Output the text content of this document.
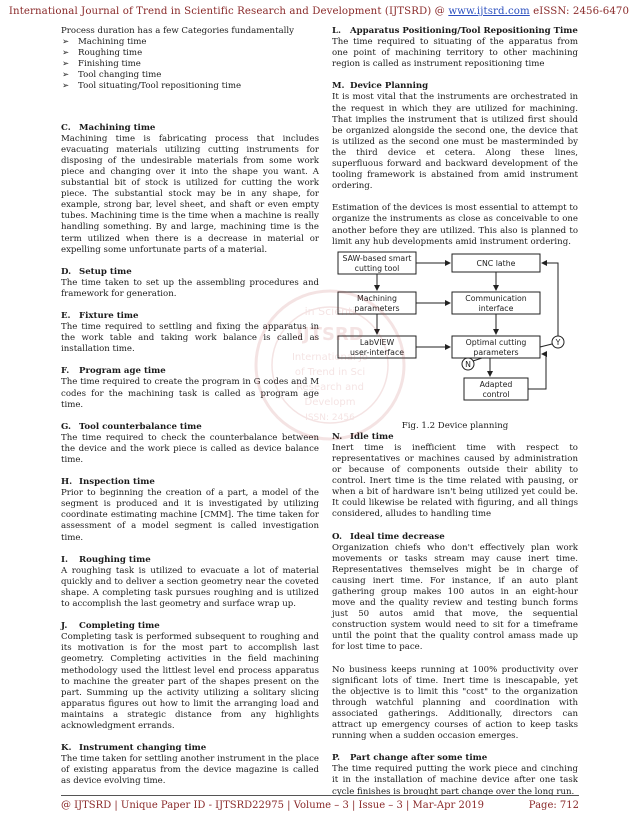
International Journal of Trend in Scientific Research and Development (IJTSRD) @ www.ijtsrd.com eISSN: 2456-6470

Process duration has a few Categories fundamentally

➢ Machining time
➢ Roughing time
➢ Finishing time
➢ Tool changing time
➢ Tool situating/Tool repositioning time
C. Machining time

Machining time is fabricating process that includes evacuating materials utilizing cutting instruments for disposing of the undesirable materials from some work piece and changing over it into the shape you want. A substantial bit of stock is utilized for cutting the work piece. The substantial stock may be in any shape, for example, strong bar, level sheet, and shaft or even empty tubes. Machining time is the time when a machine is really handling something. By and large, machining time is the term utilized when there is a decrease in material or expelling some unfortunate parts of a material.

D. Setup time

The time taken to set up the assembling procedures and framework for generation.

E. Fixture time

The time required to settling and fixing the apparatus in the work table and taking work balance is called as installation time.

F. Program age time

The time required to create the program in G codes and M codes for the machining task is called as program age time.

G. Tool counterbalance time

The time required to check the counterbalance between the device and the work piece is called as device balance time.

H. Inspection time

Prior to beginning the creation of a part, a model of the segment is produced and it is investigated by utilizing coordinate estimating machine [CMM]. The time taken for assessment of a model segment is called investigation time.

I. Roughing time

A roughing task is utilized to evacuate a lot of material quickly and to deliver a section geometry near the coveted shape. A completing task pursues roughing and is utilized to accomplish the last geometry and surface wrap up.

J. Completing time

Completing task is performed subsequent to roughing and its motivation is for the most part to accomplish last geometry. Completing activities in the field machining methodology used the littlest level end process apparatus to machine the greater part of the shapes present on the part. Summing up the activity utilizing a solitary slicing apparatus figures out how to limit the arranging load and maintains a strategic distance from any highlights acknowledgment errands.

K. Instrument changing time

The time taken for settling another instrument in the place of existing apparatus from the device magazine is called as device evolving time.

L. Apparatus Positioning/Tool Repositioning Time

The time required to situating of the apparatus from one point of machining territory to other machining region is called as instrument repositioning time

M. Device Planning

It is most vital that the instruments are orchestrated in the request in which they are utilized for machining. That implies the instrument that is utilized first should be organized alongside the second one, the device that is utilized as the second one must be masterminded by the third device et cetera. Along these lines, superfluous forward and backward development of the tooling framework is abstained from amid instrument ordering.

Estimation of the devices is most essential to attempt to organize the instruments as close as conceivable to one another before they are utilized. This also is planned to limit any hub developments amid instrument ordering.

SAW-based smart
cutting tool
CNC lathe
Machining
parameters
Communication
interface
LabVIEW
user-interface
Optimal cutting
parameters
Adapted
control
Y
N
Fig. 1.2 Device planning
N. Idle time

Inert time is inefficient time with respect to representatives or machines caused by administration or because of components outside their ability to control. Inert time is the time related with pausing, or when a bit of hardware isn't being utilized yet could be. It could likewise be related with figuring, and all things considered, alludes to handling time

O. Ideal time decrease

Organization chiefs who don't effectively plan work movements or tasks stream may cause inert time. Representatives themselves might be in charge of causing inert time. For instance, if an auto plant gathering group makes 100 autos in an eight-hour move and the quality review and testing bunch forms just 50 autos amid that move, the sequential construction system would need to sit for a timeframe until the point that the quality control amass made up for lost time to pace.

No business keeps running at 100% productivity over significant lots of time. Inert time is inescapable, yet the objective is to limit this "cost" to the organization through watchful planning and coordination with associated gatherings. Additionally, directors can attract up emergency courses of action to keep tasks running when a sudden occasion emerges.

P. Part change after some time

The time required putting the work piece and cinching it in the installation of machine device after one task cycle finishes is brought part change over the long run.

in Scienti
IJTSRD
International Jo
of Trend in Sci
Research and
Developm
ISSN: 2456
@ IJTSRD | Unique Paper ID - IJTSRD22975 | Volume – 3 | Issue – 3 | Mar-Apr 2019	Page: 712
